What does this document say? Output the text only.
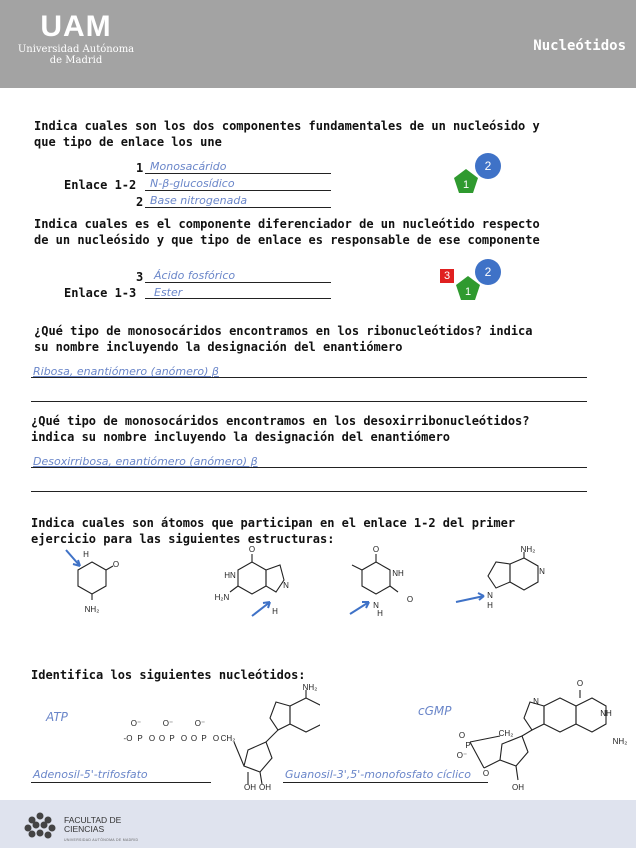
UAM
Universidad Autónoma
de Madrid
Nucleótidos
Indica cuales son los dos componentes fundamentales de un nucleósido y
que tipo de enlace los une
1
Enlace 1-2
2
Monosacárido
N-β-glucosídico
Base nitrogenada
1
2
Indica cuales es el componente diferenciador de un nucleótido respecto
de un nucleósido y que tipo de enlace es responsable de ese componente
3
Enlace 1-3
Ácido fosfórico
Ester
3
1
2
¿Qué tipo de monosocáridos encontramos en los ribonucleótidos? indica
su nombre incluyendo la designación del enantiómero
Ribosa, enantiómero (anómero) β
¿Qué tipo de monosocáridos encontramos en los desoxirribonucleótidos?
indica su nombre incluyendo la designación del enantiómero
Desoxirribosa, enantiómero (anómero) β
Indica cuales son átomos que participan en el enlace 1-2 del primer
ejercicio para las siguientes estructuras:
H
O
NH₂
O
HN
H₂N
N
H
O
NH
O
N
H
NH₂
N
N
H
Identifica los siguientes nucleótidos:
ATP	cGMP
NH₂
O⁻	O⁻	O⁻
-O P O O P O O P O CH₂
OH OH
O
NH
NH₂
N
CH₂
O
P
O⁻
O
OH
Adenosil-5'-trifosfato	Guanosil-3',5'-monofosfato cíclico
FACULTAD DE
CIENCIAS
UNIVERSIDAD AUTÓNOMA DE MADRID
